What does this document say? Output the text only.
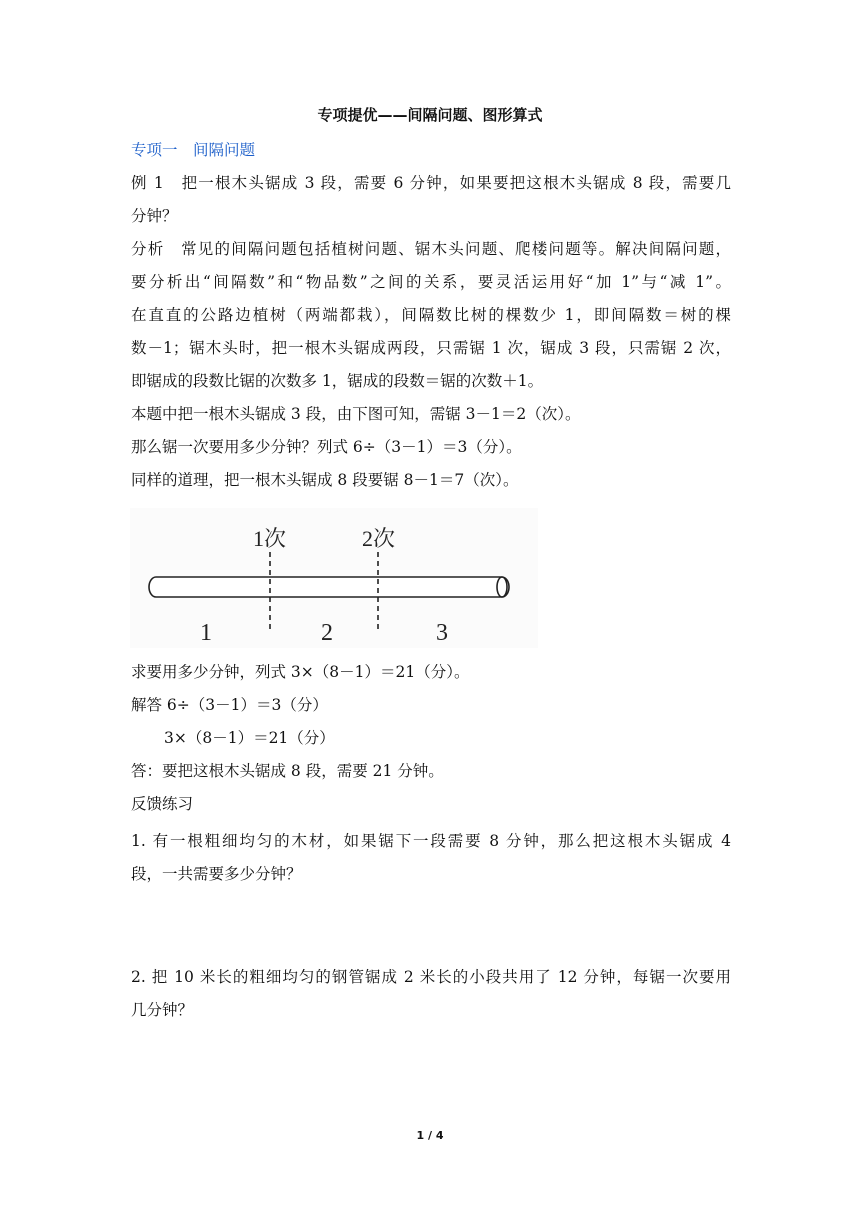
专项提优——间隔问题、图形算式
专项一　间隔问题
例 1　把一根木头锯成 3 段，需要 6 分钟，如果要把这根木头锯成 8 段，需要几
分钟？
分析　常见的间隔问题包括植树问题、锯木头问题、爬楼问题等。解决间隔问题，
要分析出“间隔数”和“物品数”之间的关系，要灵活运用好“加 1”与“减 1”。
在直直的公路边植树（两端都栽），间隔数比树的棵数少 1，即间隔数＝树的棵
数－1；锯木头时，把一根木头锯成两段，只需锯 1 次，锯成 3 段，只需锯 2 次，
即锯成的段数比锯的次数多 1，锯成的段数＝锯的次数＋1。
本题中把一根木头锯成 3 段，由下图可知，需锯 3－1＝2（次）。
那么锯一次要用多少分钟？列式 6÷（3－1）＝3（分）。
同样的道理，把一根木头锯成 8 段要锯 8－1＝7（次）。
1次	2次
1	2	3
求要用多少分钟，列式 3×（8－1）＝21（分）。
解答 6÷（3－1）＝3（分）
3×（8－1）＝21（分）
答：要把这根木头锯成 8 段，需要 21 分钟。
反馈练习
1. 有一根粗细均匀的木材，如果锯下一段需要 8 分钟，那么把这根木头锯成 4
段，一共需要多少分钟？
2. 把 10 米长的粗细均匀的钢管锯成 2 米长的小段共用了 12 分钟，每锯一次要用
几分钟？
1 / 4
